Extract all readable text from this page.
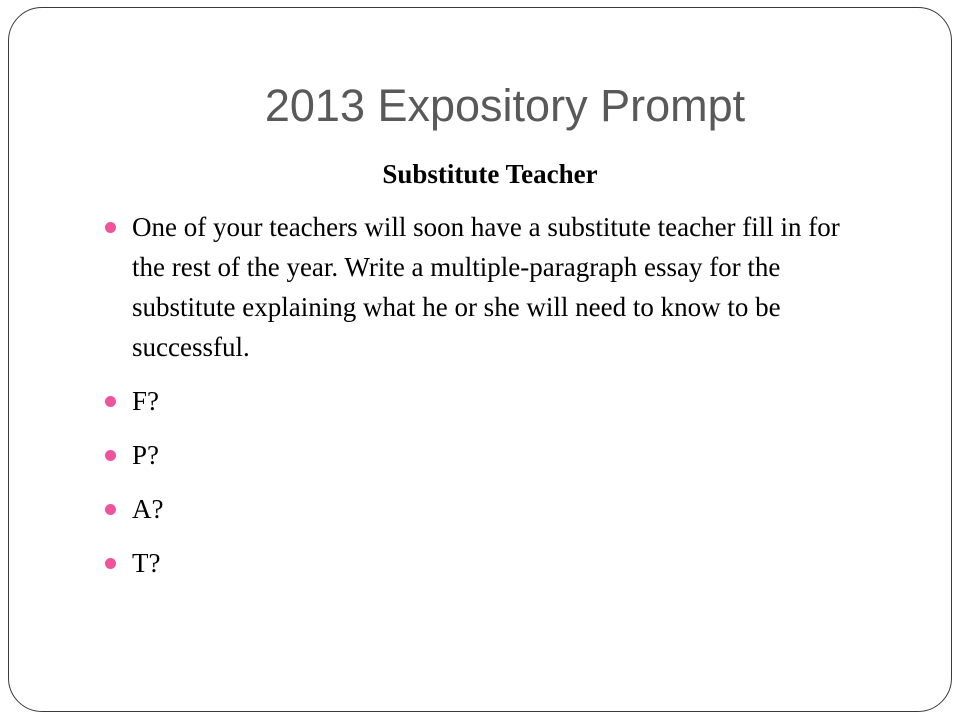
2013 Expository Prompt
Substitute Teacher
One of your teachers will soon have a substitute teacher fill in for the rest of the year. Write a multiple-paragraph essay for the substitute explaining what he or she will need to know to be successful.
F?
P?
A?
T?
